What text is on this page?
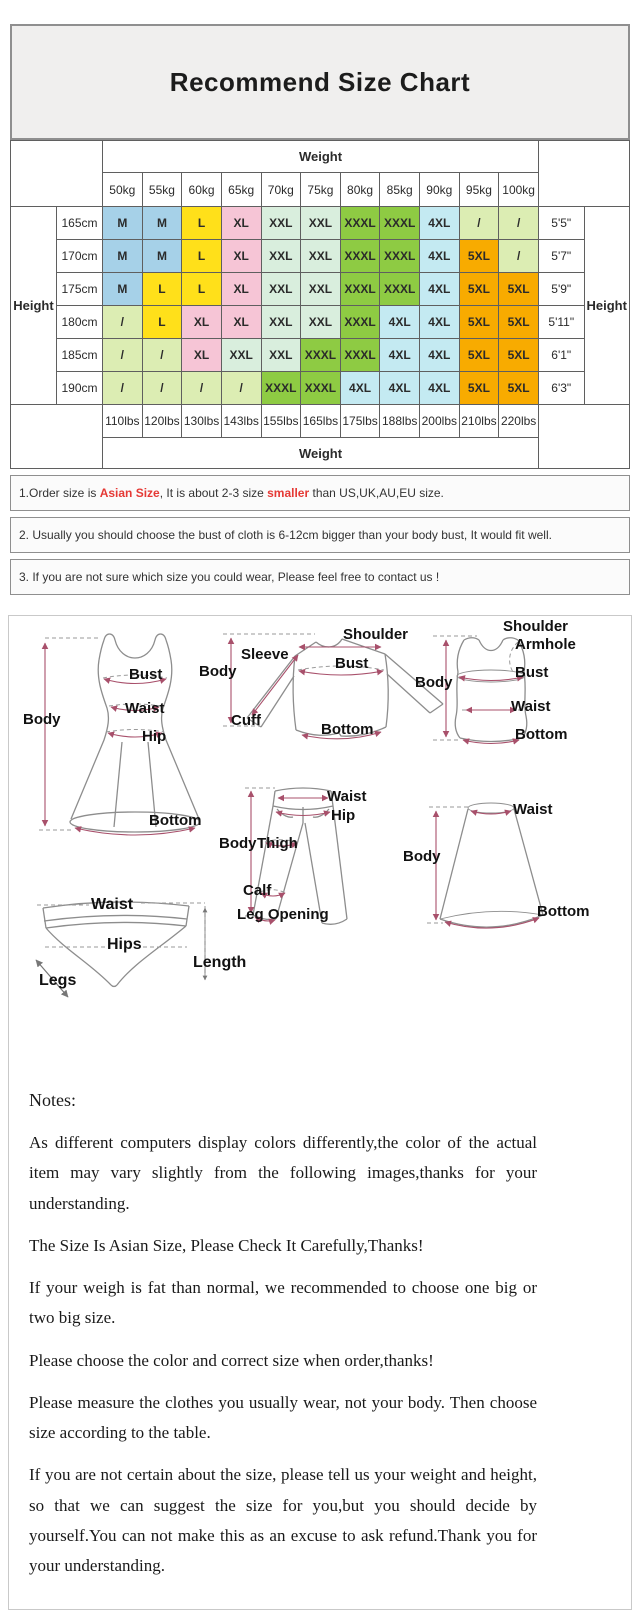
Recommend Size Chart
		Weight												
		50kg	55kg	60kg	65kg	70kg	75kg	80kg	85kg	90kg	95kg	100kg		
Height	165cm	M	M	L	XL	XXL	XXL	XXXL	XXXL	4XL	/	/	5'5"	Height
	170cm	M	M	L	XL	XXL	XXL	XXXL	XXXL	4XL	5XL	/	5'7"	
	175cm	M	L	L	XL	XXL	XXL	XXXL	XXXL	4XL	5XL	5XL	5'9"	
	180cm	/	L	XL	XL	XXL	XXL	XXXL	4XL	4XL	5XL	5XL	5'11"	
	185cm	/	/	XL	XXL	XXL	XXXL	XXXL	4XL	4XL	5XL	5XL	6'1"	
	190cm	/	/	/	/	XXXL	XXXL	4XL	4XL	4XL	5XL	5XL	6'3"	
		110lbs	120lbs	130lbs	143lbs	155lbs	165lbs	175lbs	188lbs	200lbs	210lbs	220lbs		
		Weight												
1.Order size is Asian Size, It is about 2-3 size smaller than US,UK,AU,EU size.
2. Usually you should choose the bust of cloth is 6-12cm bigger than your body bust, It would fit well.
3. If you are not sure which size you could wear, Please feel free to contact us !
Body
Bust
Waist
Hip
Bottom
Sleeve
Shoulder
Body	Bust
Cuff
Bottom
Shoulder
Armhole
Bust
Body
Waist
Bottom
Waist
Hip
Body Thigh
Calf
Leg Opening
Waist
Body
Bottom
Waist
Hips
Legs
Length

Notes:

As different computers display colors differently,the color of the actual item may vary slightly from the following images,thanks for your understanding.

The Size Is Asian Size, Please Check It Carefully,Thanks!

If your weigh is fat than normal, we recommended to choose one big or two big size.

Please choose the color and correct size when order,thanks!

Please measure the clothes you usually wear, not your body. Then choose size according to the table.

If you are not certain about the size, please tell us your weight and height, so that we can suggest the size for you,but you should decide by yourself.You can not make this as an excuse to ask refund.Thank you for your understanding.
